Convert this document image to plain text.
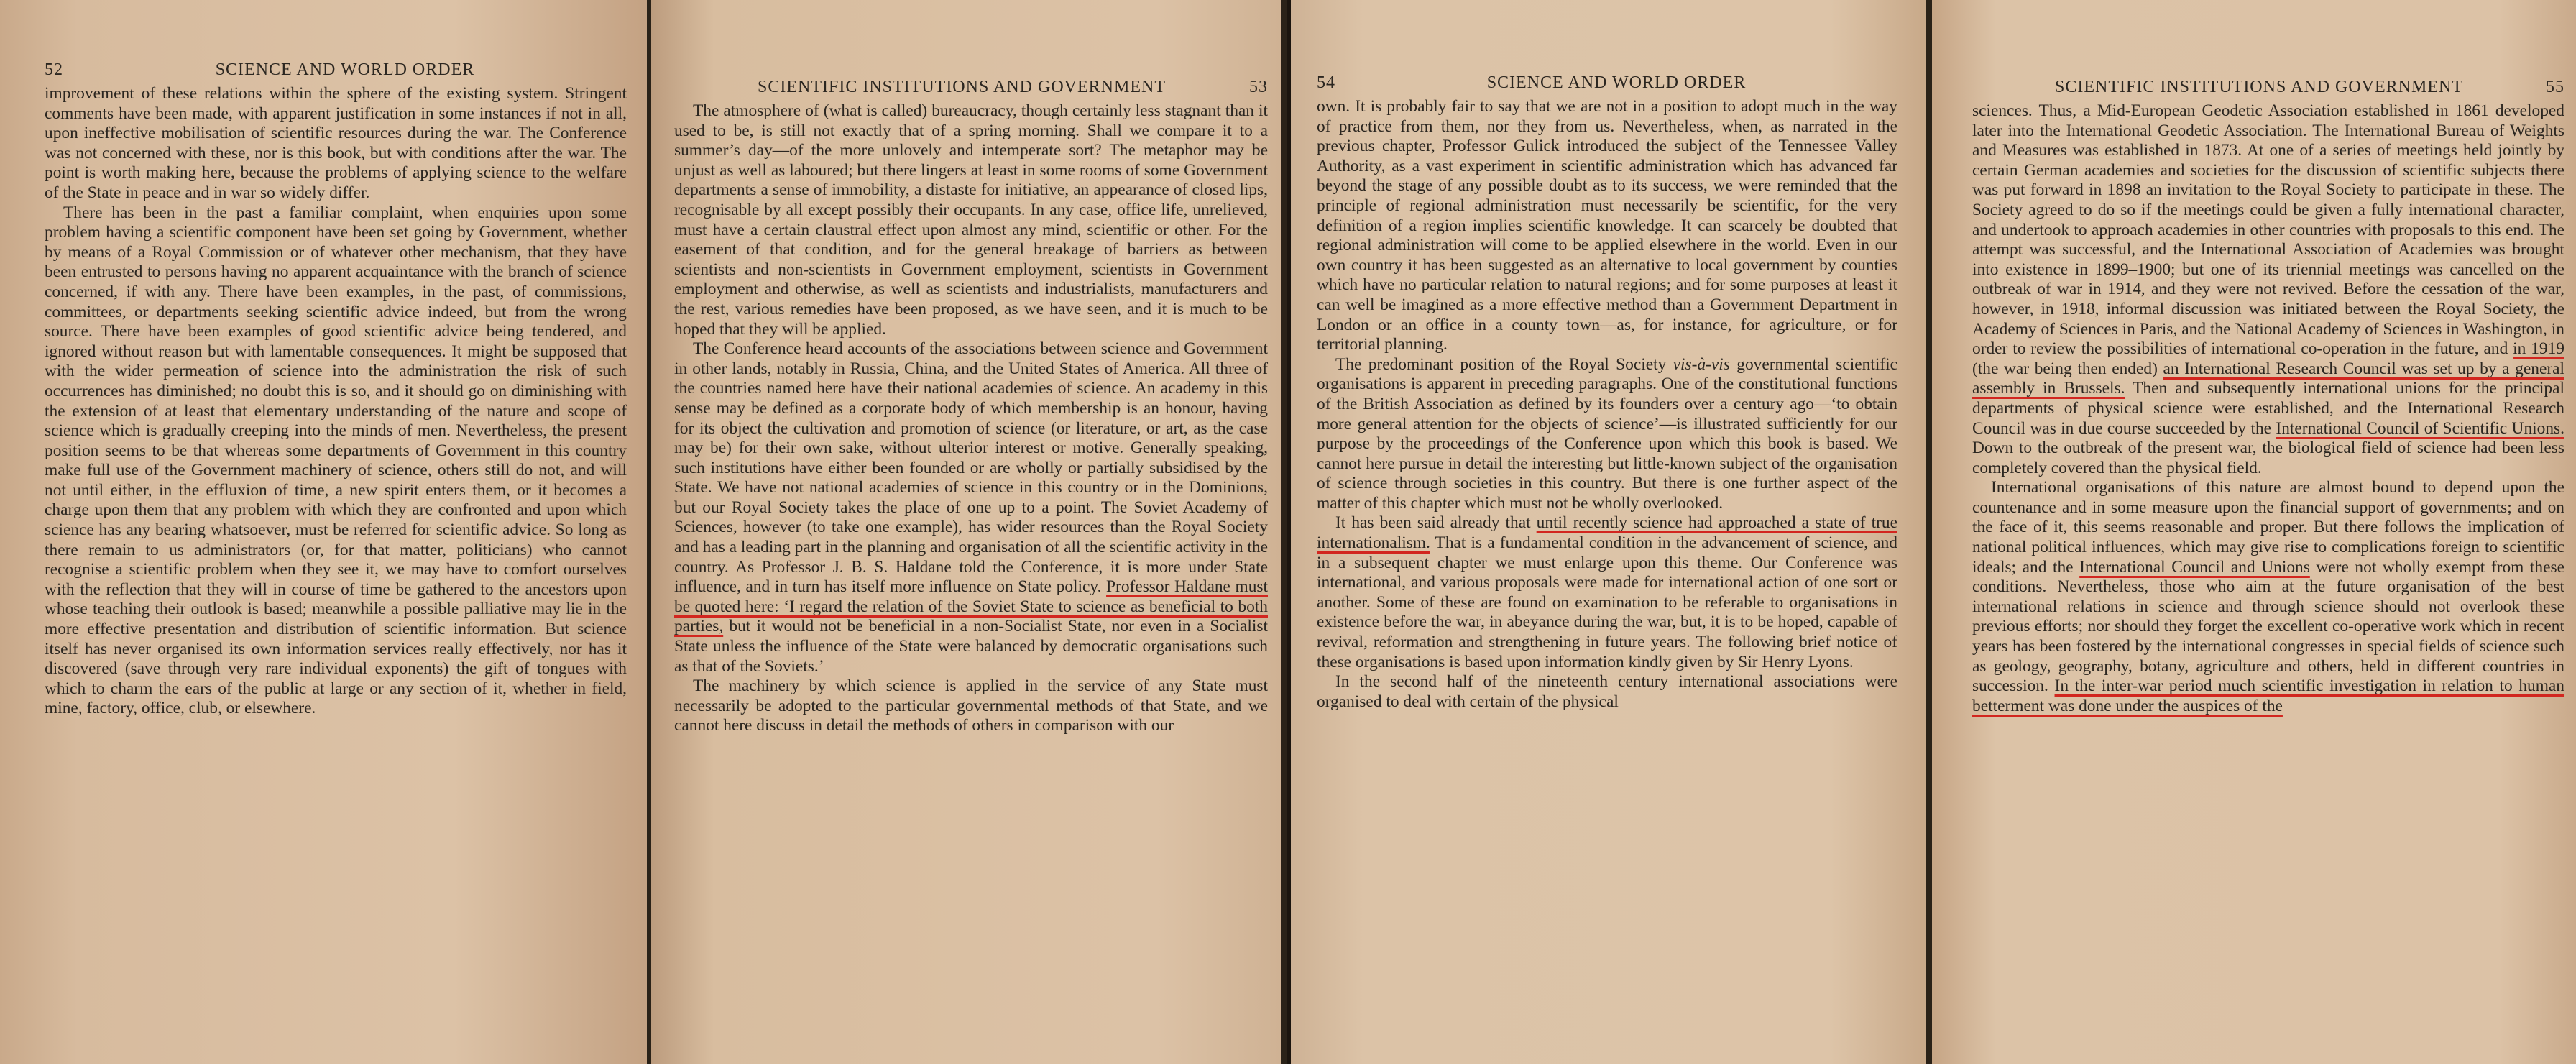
52	SCIENCE AND WORLD ORDER

improvement of these relations within the sphere of the existing system. Stringent comments have been made, with apparent justification in some instances if not in all, upon ineffective mobilisation of scientific resources during the war. The Conference was not concerned with these, nor is this book, but with conditions after the war. The point is worth making here, because the problems of applying science to the welfare of the State in peace and in war so widely differ.

There has been in the past a familiar complaint, when enquiries upon some problem having a scientific component have been set going by Government, whether by means of a Royal Commission or of whatever other mechanism, that they have been entrusted to persons having no apparent acquaintance with the branch of science concerned, if with any. There have been examples, in the past, of commissions, committees, or departments seeking scientific advice indeed, but from the wrong source. There have been examples of good scientific advice being tendered, and ignored without reason but with lamentable consequences. It might be supposed that with the wider permeation of science into the administration the risk of such occurrences has diminished; no doubt this is so, and it should go on diminishing with the extension of at least that elementary understanding of the nature and scope of science which is gradually creeping into the minds of men. Nevertheless, the present position seems to be that whereas some departments of Government in this country make full use of the Government machinery of science, others still do not, and will not until either, in the effluxion of time, a new spirit enters them, or it becomes a charge upon them that any problem with which they are confronted and upon which science has any bearing whatsoever, must be referred for scientific advice. So long as there remain to us administrators (or, for that matter, politicians) who cannot recognise a scientific problem when they see it, we may have to comfort ourselves with the reflection that they will in course of time be gathered to the ancestors upon whose teaching their outlook is based; meanwhile a possible palliative may lie in the more effective presentation and distribution of scientific information. But science itself has never organised its own information services really effectively, nor has it discovered (save through very rare individual exponents) the gift of tongues with which to charm the ears of the public at large or any section of it, whether in field, mine, factory, office, club, or elsewhere.

SCIENTIFIC INSTITUTIONS AND GOVERNMENT	53

The atmosphere of (what is called) bureaucracy, though certainly less stagnant than it used to be, is still not exactly that of a spring morning. Shall we compare it to a summer’s day—of the more unlovely and intemperate sort? The metaphor may be unjust as well as laboured; but there lingers at least in some rooms of some Government departments a sense of immobility, a distaste for initiative, an appearance of closed lips, recognisable by all except possibly their occupants. In any case, office life, unrelieved, must have a certain claustral effect upon almost any mind, scientific or other. For the easement of that condition, and for the general breakage of barriers as between scientists and non-scientists in Government employment, scientists in Government employment and otherwise, as well as scientists and industrialists, manufacturers and the rest, various remedies have been proposed, as we have seen, and it is much to be hoped that they will be applied.

The Conference heard accounts of the associations between science and Government in other lands, notably in Russia, China, and the United States of America. All three of the countries named here have their national academies of science. An academy in this sense may be defined as a corporate body of which membership is an honour, having for its object the cultivation and promotion of science (or literature, or art, as the case may be) for their own sake, without ulterior interest or motive. Generally speaking, such institutions have either been founded or are wholly or partially subsidised by the State. We have not national academies of science in this country or in the Dominions, but our Royal Society takes the place of one up to a point. The Soviet Academy of Sciences, however (to take one example), has wider resources than the Royal Society and has a leading part in the planning and organisation of all the scientific activity in the country. As Professor J. B. S. Haldane told the Conference, it is more under State influence, and in turn has itself more influence on State policy. Professor Haldane must be quoted here: ‘I regard the relation of the Soviet State to science as beneficial to both parties, but it would not be beneficial in a non-Socialist State, nor even in a Socialist State unless the influence of the State were balanced by democratic organisations such as that of the Soviets.’

The machinery by which science is applied in the service of any State must necessarily be adopted to the particular governmental methods of that State, and we cannot here discuss in detail the methods of others in comparison with our

54	SCIENCE AND WORLD ORDER

own. It is probably fair to say that we are not in a position to adopt much in the way of practice from them, nor they from us. Nevertheless, when, as narrated in the previous chapter, Professor Gulick introduced the subject of the Tennessee Valley Authority, as a vast experiment in scientific administration which has advanced far beyond the stage of any possible doubt as to its success, we were reminded that the principle of regional administration must necessarily be scientific, for the very definition of a region implies scientific knowledge. It can scarcely be doubted that regional administration will come to be applied elsewhere in the world. Even in our own country it has been suggested as an alternative to local government by counties which have no particular relation to natural regions; and for some purposes at least it can well be imagined as a more effective method than a Government Department in London or an office in a county town—as, for instance, for agriculture, or for territorial planning.

The predominant position of the Royal Society vis-à-vis governmental scientific organisations is apparent in preceding paragraphs. One of the constitutional functions of the British Association as defined by its founders over a century ago—‘to obtain more general attention for the objects of science’—is illustrated sufficiently for our purpose by the proceedings of the Conference upon which this book is based. We cannot here pursue in detail the interesting but little-known subject of the organisation of science through societies in this country. But there is one further aspect of the matter of this chapter which must not be wholly overlooked.

It has been said already that until recently science had approached a state of true internationalism. That is a fundamental condition in the advancement of science, and in a subsequent chapter we must enlarge upon this theme. Our Conference was international, and various proposals were made for international action of one sort or another. Some of these are found on examination to be referable to organisations in existence before the war, in abeyance during the war, but, it is to be hoped, capable of revival, reformation and strengthening in future years. The following brief notice of these organisations is based upon information kindly given by Sir Henry Lyons.

In the second half of the nineteenth century international associations were organised to deal with certain of the physical

SCIENTIFIC INSTITUTIONS AND GOVERNMENT	55

sciences. Thus, a Mid-European Geodetic Association established in 1861 developed later into the International Geodetic Association. The International Bureau of Weights and Measures was established in 1873. At one of a series of meetings held jointly by certain German academies and societies for the discussion of scientific subjects there was put forward in 1898 an invitation to the Royal Society to participate in these. The Society agreed to do so if the meetings could be given a fully international character, and undertook to approach academies in other countries with proposals to this end. The attempt was successful, and the International Association of Academies was brought into existence in 1899–1900; but one of its triennial meetings was cancelled on the outbreak of war in 1914, and they were not revived. Before the cessation of the war, however, in 1918, informal discussion was initiated between the Royal Society, the Academy of Sciences in Paris, and the National Academy of Sciences in Washington, in order to review the possibilities of international co-operation in the future, and in 1919 (the war being then ended) an International Research Council was set up by a general assembly in Brussels. Then and subsequently international unions for the principal departments of physical science were established, and the International Research Council was in due course succeeded by the International Council of Scientific Unions. Down to the outbreak of the present war, the biological field of science had been less completely covered than the physical field.

International organisations of this nature are almost bound to depend upon the countenance and in some measure upon the financial support of governments; and on the face of it, this seems reasonable and proper. But there follows the implication of national political influences, which may give rise to complications foreign to scientific ideals; and the International Council and Unions were not wholly exempt from these conditions. Nevertheless, those who aim at the future organisation of the best international relations in science and through science should not overlook these previous efforts; nor should they forget the excellent co-operative work which in recent years has been fostered by the international congresses in special fields of science such as geology, geography, botany, agriculture and others, held in different countries in succession. In the inter-war period much scientific investigation in relation to human betterment was done under the auspices of the
